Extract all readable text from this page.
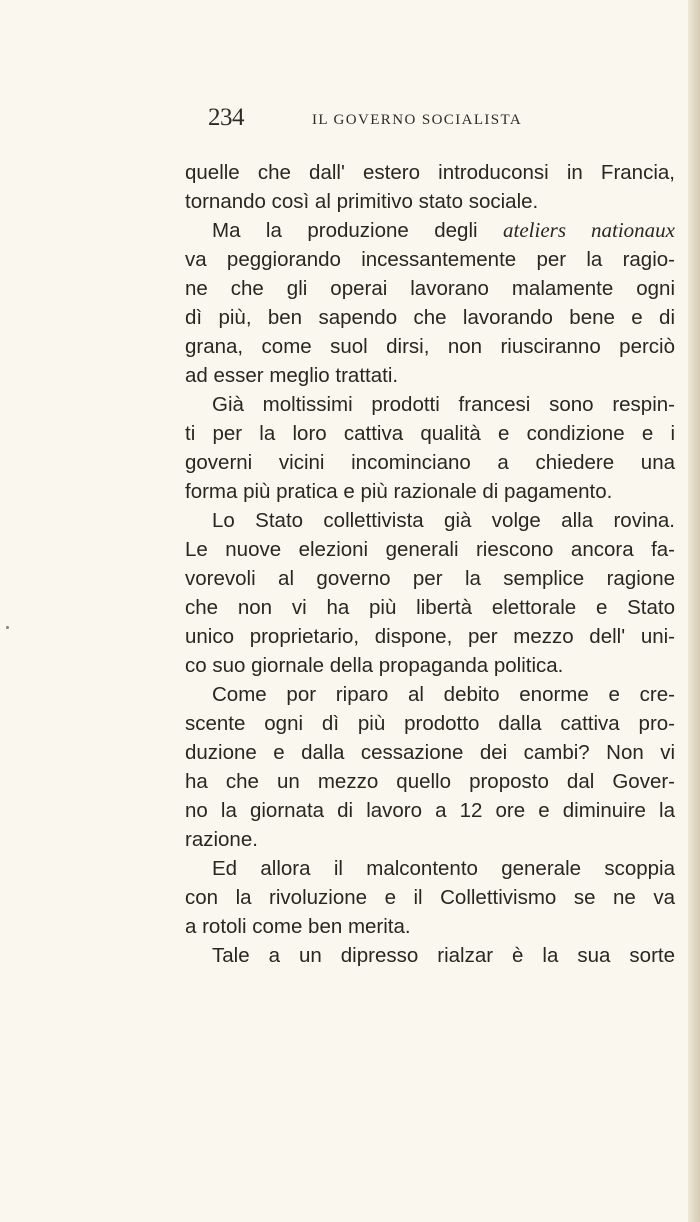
234	IL GOVERNO SOCIALISTA
quelle che dall' estero introduconsi in Francia,
tornando così al primitivo stato sociale.
Ma la produzione degli ateliers nationaux
va peggiorando incessantemente per la ragio-
ne che gli operai lavorano malamente ogni
dì più, ben sapendo che lavorando bene e di
grana, come suol dirsi, non riusciranno perciò
ad esser meglio trattati.
Già moltissimi prodotti francesi sono respin-
ti per la loro cattiva qualità e condizione e i
governi vicini incominciano a chiedere una
forma più pratica e più razionale di pagamento.
Lo Stato collettivista già volge alla rovina.
Le nuove elezioni generali riescono ancora fa-
vorevoli al governo per la semplice ragione
che non vi ha più libertà elettorale e Stato
unico proprietario, dispone, per mezzo dell' uni-
co suo giornale della propaganda politica.
Come por riparo al debito enorme e cre-
scente ogni dì più prodotto dalla cattiva pro-
duzione e dalla cessazione dei cambi? Non vi
ha che un mezzo quello proposto dal Gover-
no la giornata di lavoro a 12 ore e diminuire la
razione.
Ed allora il malcontento generale scoppia
con la rivoluzione e il Collettivismo se ne va
a rotoli come ben merita.
Tale a un dipresso rialzar è la sua sorte
